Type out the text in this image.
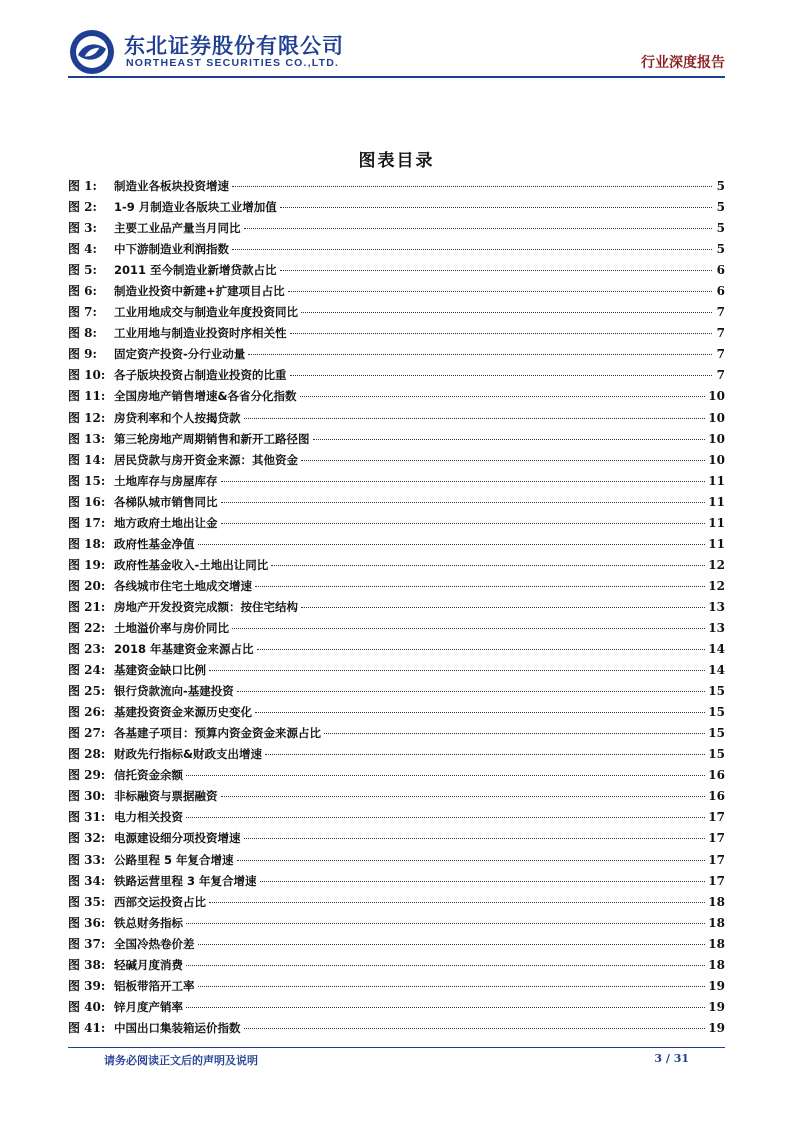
东北证券股份有限公司
NORTHEAST SECURITIES CO.,LTD.	行业深度报告
图表目录
图 1:	制造业各板块投资增速	5
图 2:	1-9 月制造业各版块工业增加值	5
图 3:	主要工业品产量当月同比	5
图 4:	中下游制造业利润指数	5
图 5:	2011 至今制造业新增贷款占比	6
图 6:	制造业投资中新建+扩建项目占比	6
图 7:	工业用地成交与制造业年度投资同比	7
图 8:	工业用地与制造业投资时序相关性	7
图 9:	固定资产投资-分行业动量	7
图 10: 各子版块投资占制造业投资的比重	7
图 11: 全国房地产销售增速&各省分化指数	10
图 12: 房贷利率和个人按揭贷款	10
图 13: 第三轮房地产周期销售和新开工路径图	10
图 14: 居民贷款与房开资金来源：其他资金	10
图 15: 土地库存与房屋库存	11
图 16: 各梯队城市销售同比	11
图 17: 地方政府土地出让金	11
图 18: 政府性基金净值	11
图 19: 政府性基金收入-土地出让同比	12
图 20: 各线城市住宅土地成交增速	12
图 21: 房地产开发投资完成额：按住宅结构	13
图 22: 土地溢价率与房价同比	13
图 23: 2018 年基建资金来源占比	14
图 24: 基建资金缺口比例	14
图 25: 银行贷款流向-基建投资	15
图 26: 基建投资资金来源历史变化	15
图 27: 各基建子项目：预算内资金资金来源占比	15
图 28: 财政先行指标&财政支出增速	15
图 29: 信托资金余额	16
图 30: 非标融资与票据融资	16
图 31: 电力相关投资	17
图 32: 电源建设细分项投资增速	17
图 33: 公路里程 5 年复合增速	17
图 34: 铁路运营里程 3 年复合增速	17
图 35: 西部交运投资占比	18
图 36: 铁总财务指标	18
图 37: 全国冷热卷价差	18
图 38: 轻碱月度消费	18
图 39: 铝板带箔开工率	19
图 40: 锌月度产销率	19
图 41: 中国出口集装箱运价指数	19
请务必阅读正文后的声明及说明	3 / 31
